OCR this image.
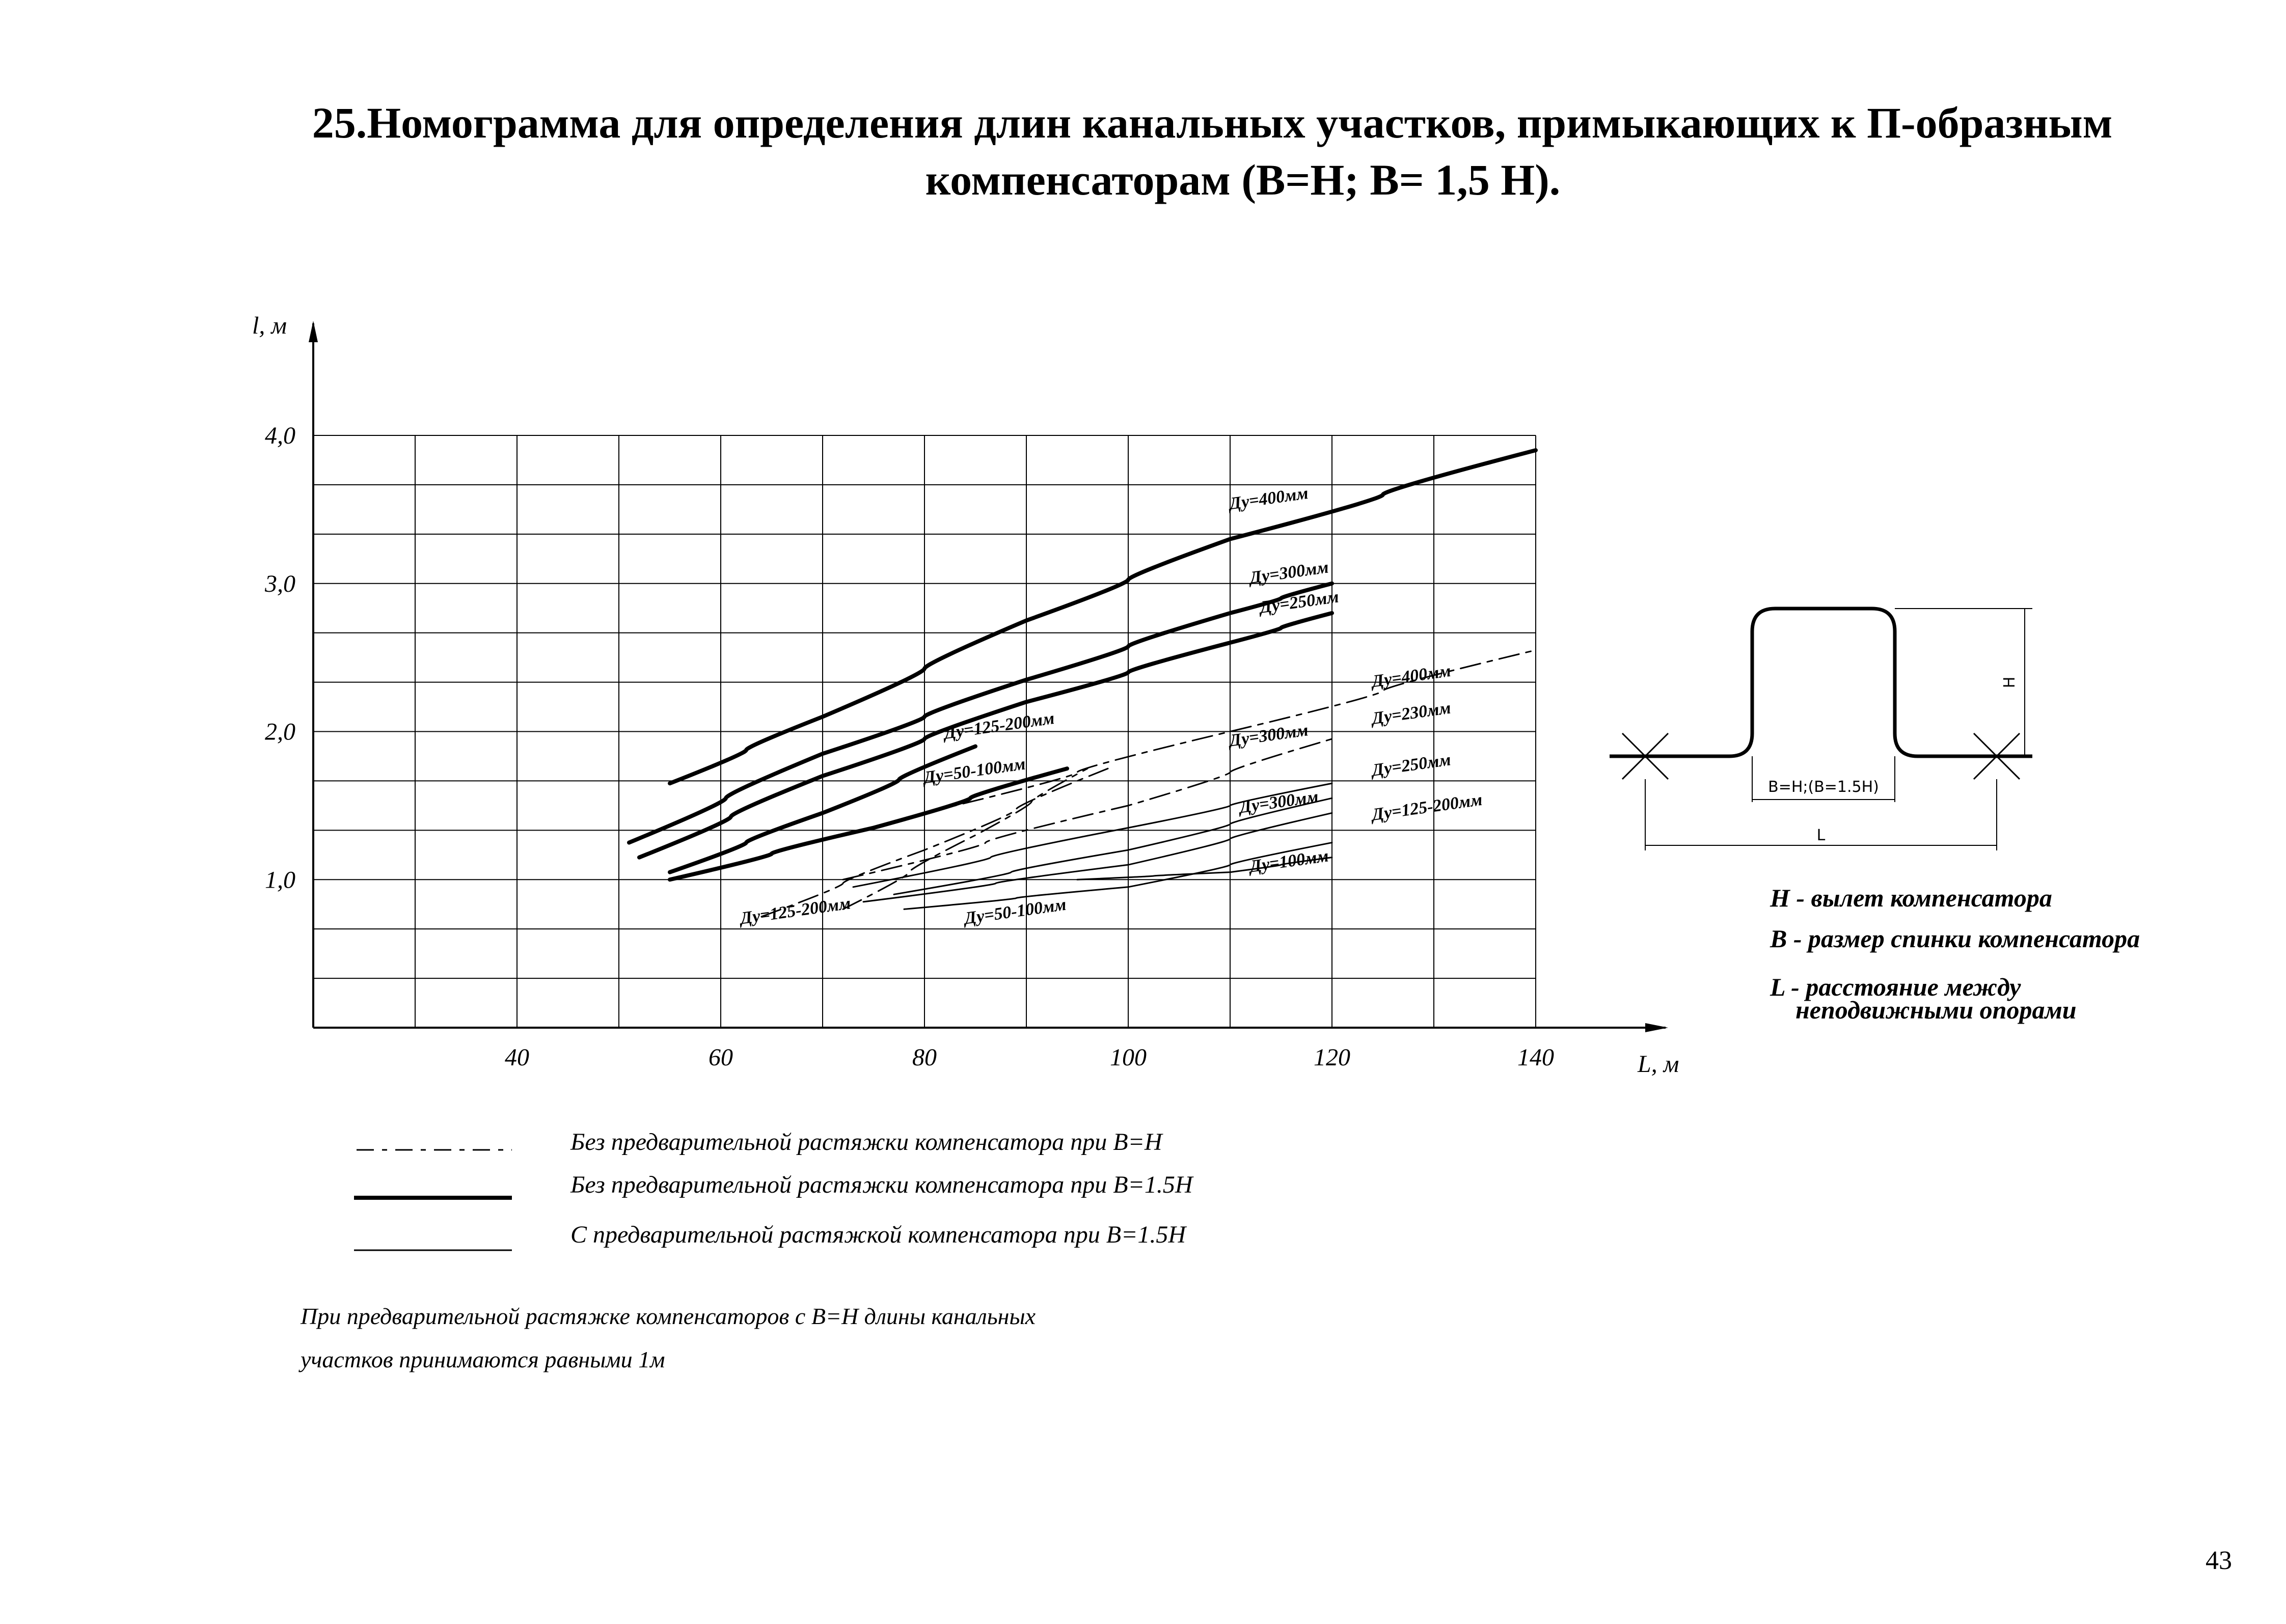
25.Номограмма для определения длин канальных участков, примыкающих к П-образным
компенсаторам (В=Н; В= 1,5 Н).
40	60	80	100	120	140
1,0
2,0
3,0
4,0
Ду=400мм
Ду=300мм
Ду=250мм
Ду=125-200мм
Ду=50-100мм
Ду=400мм
Ду=230мм
Ду=300мм
Ду=250мм
Ду=300мм	Ду=125-200мм
Ду=100мм
Ду=125-200мм	Ду=50-100мм
l, м
L, м
H
B=H;(B=1.5H)
L
Н - вылет компенсатора
В - размер спинки компенсатора
L - расстояние между
неподвижными опорами
Без предварительной растяжки компенсатора при В=Н
Без предварительной растяжки компенсатора при В=1.5Н
С предварительной растяжкой компенсатора при В=1.5Н
При предварительной растяжке компенсаторов с В=Н длины канальных
участков принимаются равными 1м
43
